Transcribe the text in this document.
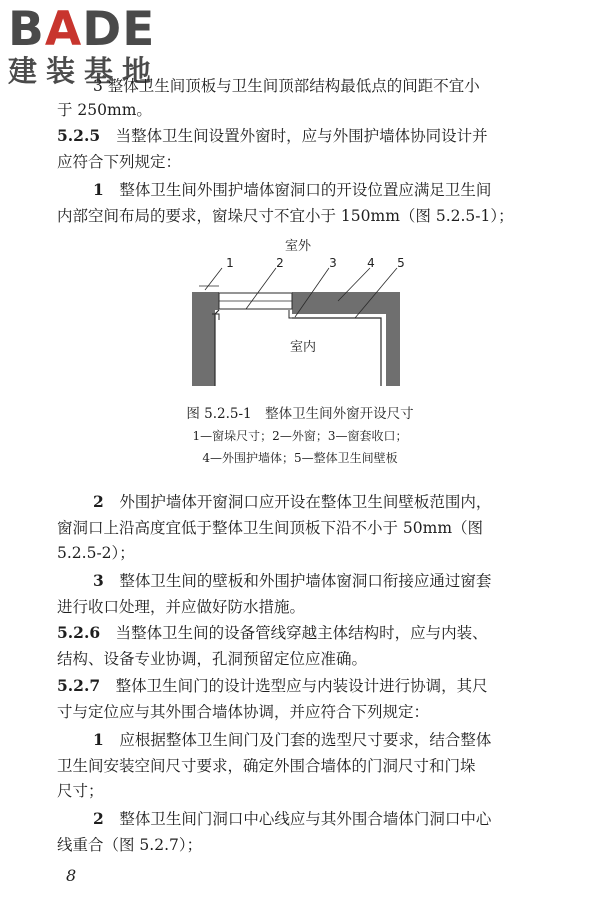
BADE
建装基地
3 整体卫生间顶板与卫生间顶部结构最低点的间距不宜小
于 250mm。
5.2.5　 当整体卫生间设置外窗时，应与外围护墙体协同设计并
应符合下列规定：
1　 整体卫生间外围护墙体窗洞口的开设位置应满足卫生间
内部空间布局的要求，窗垛尺寸不宜小于 150mm（图 5.2.5-1）；
室外
室内
1	2	3	4 5
图 5.2.5-1　整体卫生间外窗开设尺寸
1—窗垛尺寸；2—外窗；3—窗套收口；
4—外围护墙体；5—整体卫生间壁板
2　 外围护墙体开窗洞口应开设在整体卫生间壁板范围内，
窗洞口上沿高度宜低于整体卫生间顶板下沿不小于 50mm（图
5.2.5-2）；
3　 整体卫生间的壁板和外围护墙体窗洞口衔接应通过窗套
进行收口处理，并应做好防水措施。
5.2.6　 当整体卫生间的设备管线穿越主体结构时，应与内装、
结构、设备专业协调，孔洞预留定位应准确。
5.2.7　 整体卫生间门的设计选型应与内装设计进行协调，其尺
寸与定位应与其外围合墙体协调，并应符合下列规定：
1　 应根据整体卫生间门及门套的选型尺寸要求，结合整体
卫生间安装空间尺寸要求，确定外围合墙体的门洞尺寸和门垛
尺寸；
2　 整体卫生间门洞口中心线应与其外围合墙体门洞口中心
线重合（图 5.2.7）；
8
